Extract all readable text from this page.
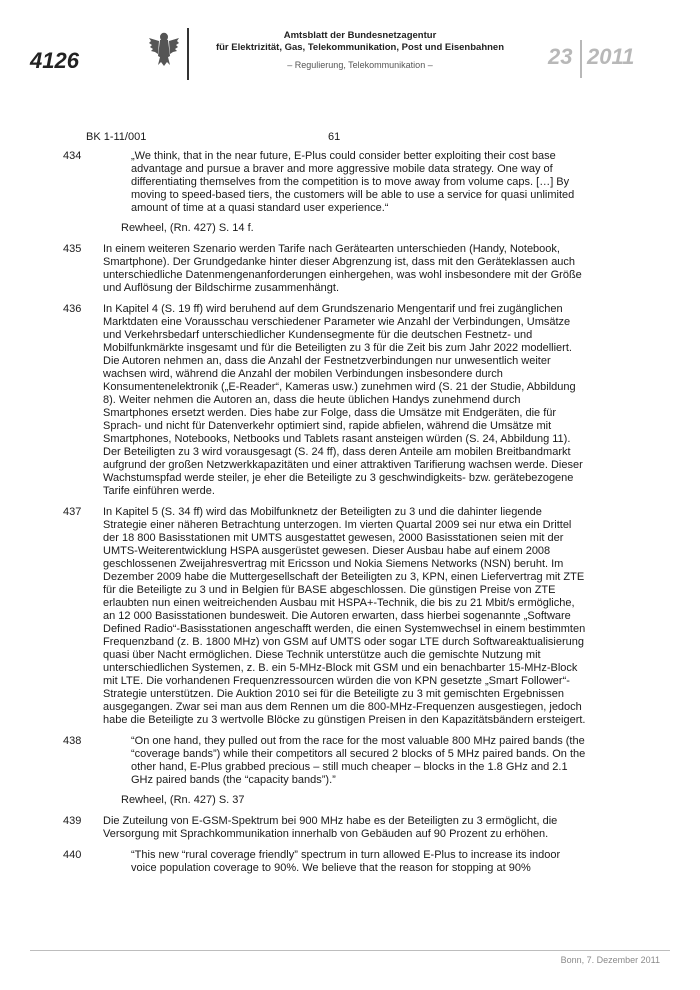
4126
Amtsblatt der Bundesnetzagentur
für Elektrizität, Gas, Telekommunikation, Post und Eisenbahnen
– Regulierung, Telekommunikation –	23 2011
BK 1-11/001	61
434	„We think, that in the near future, E-Plus could consider better exploiting their cost base advantage and pursue a braver and more aggressive mobile data strategy. One way of differentiating themselves from the competition is to move away from volume caps. […] By moving to speed-based tiers, the customers will be able to use a service for quasi unlimited amount of time at a quasi standard user experience.“
Rewheel, (Rn. 427) S. 14 f.
435 In einem weiteren Szenario werden Tarife nach Gerätearten unterschieden (Handy, Notebook, Smartphone). Der Grundgedanke hinter dieser Abgrenzung ist, dass mit den Geräteklassen auch unterschiedliche Datenmengenanforderungen einhergehen, was wohl insbesondere mit der Größe und Auflösung der Bildschirme zusammenhängt.
436 In Kapitel 4 (S. 19 ff) wird beruhend auf dem Grundszenario Mengentarif und frei zugänglichen Marktdaten eine Vorausschau verschiedener Parameter wie Anzahl der Verbindungen, Umsätze und Verkehrsbedarf unterschiedlicher Kundensegmente für die deutschen Festnetz- und Mobilfunkmärkte insgesamt und für die Beteiligten zu 3 für die Zeit bis zum Jahr 2022 modelliert. Die Autoren nehmen an, dass die Anzahl der Festnetzverbindungen nur unwesentlich weiter wachsen wird, während die Anzahl der mobilen Verbindungen insbesondere durch Konsumentenelektronik („E-Reader“, Kameras usw.) zunehmen wird (S. 21 der Studie, Abbildung 8). Weiter nehmen die Autoren an, dass die heute üblichen Handys zunehmend durch Smartphones ersetzt werden. Dies habe zur Folge, dass die Umsätze mit Endgeräten, die für Sprach- und nicht für Datenverkehr optimiert sind, rapide abfielen, während die Umsätze mit Smartphones, Notebooks, Netbooks und Tablets rasant ansteigen würden (S. 24, Abbildung 11). Der Beteiligten zu 3 wird vorausgesagt (S. 24 ff), dass deren Anteile am mobilen Breitbandmarkt aufgrund der großen Netzwerkkapazitäten und einer attraktiven Tarifierung wachsen werde. Dieser Wachstumspfad werde steiler, je eher die Beteiligte zu 3 geschwindigkeits- bzw. gerätebezogene Tarife einführen werde.
437 In Kapitel 5 (S. 34 ff) wird das Mobilfunknetz der Beteiligten zu 3 und die dahinter liegende Strategie einer näheren Betrachtung unterzogen. Im vierten Quartal 2009 sei nur etwa ein Drittel der 18 800 Basisstationen mit UMTS ausgestattet gewesen, 2000 Basisstationen seien mit der UMTS-Weiterentwicklung HSPA ausgerüstet gewesen. Dieser Ausbau habe auf einem 2008 geschlossenen Zweijahresvertrag mit Ericsson und Nokia Siemens Networks (NSN) beruht. Im Dezember 2009 habe die Muttergesellschaft der Beteiligten zu 3, KPN, einen Liefervertrag mit ZTE für die Beteiligte zu 3 und in Belgien für BASE abgeschlossen. Die günstigen Preise von ZTE erlaubten nun einen weitreichenden Ausbau mit HSPA+-Technik, die bis zu 21 Mbit/s ermögliche, an 12 000 Basisstationen bundesweit. Die Autoren erwarten, dass hierbei sogenannte „Software Defined Radio“-Basisstationen angeschafft werden, die einen Systemwechsel in einem bestimmten Frequenzband (z. B. 1800 MHz) von GSM auf UMTS oder sogar LTE durch Softwareaktualisierung quasi über Nacht ermöglichen. Diese Technik unterstütze auch die gemischte Nutzung mit unterschiedlichen Systemen, z. B. ein 5-MHz-Block mit GSM und ein benachbarter 15-MHz-Block mit LTE. Die vorhandenen Frequenzressourcen würden die von KPN gesetzte „Smart Follower“-Strategie unterstützen. Die Auktion 2010 sei für die Beteiligte zu 3 mit gemischten Ergebnissen ausgegangen. Zwar sei man aus dem Rennen um die 800-MHz-Frequenzen ausgestiegen, jedoch habe die Beteiligte zu 3 wertvolle Blöcke zu günstigen Preisen in den Kapazitätsbändern ersteigert.
438	“On one hand, they pulled out from the race for the most valuable 800 MHz paired bands (the “coverage bands”) while their competitors all secured 2 blocks of 5 MHz paired bands. On the other hand, E-Plus grabbed precious – still much cheaper – blocks in the 1.8 GHz and 2.1 GHz paired bands (the “capacity bands”).”
Rewheel, (Rn. 427) S. 37
439 Die Zuteilung von E-GSM-Spektrum bei 900 MHz habe es der Beteiligten zu 3 ermöglicht, die Versorgung mit Sprachkommunikation innerhalb von Gebäuden auf 90 Prozent zu erhöhen.
440	“This new “rural coverage friendly” spectrum in turn allowed E-Plus to increase its indoor voice population coverage to 90%. We believe that the reason for stopping at 90%
Bonn, 7. Dezember 2011
